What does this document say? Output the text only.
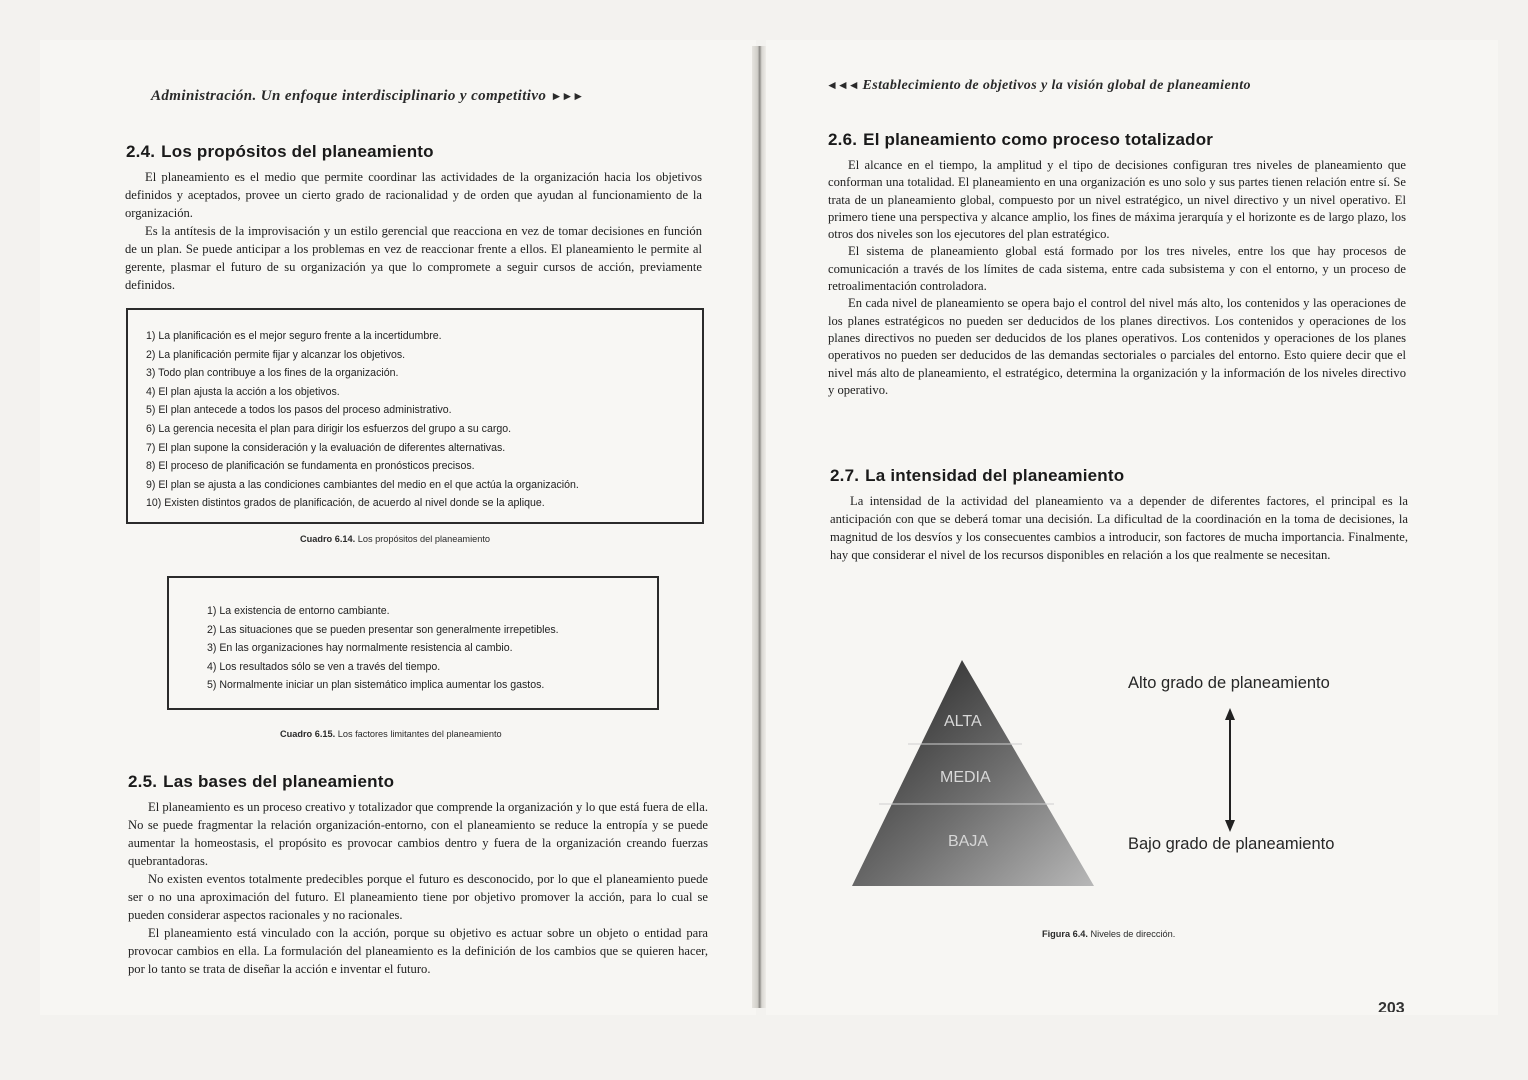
Administración. Un enfoque interdisciplinario y competitivo ►►►
2.4. Los propósitos del planeamiento

El planeamiento es el medio que permite coordinar las actividades de la organización hacia los objetivos definidos y aceptados, provee un cierto grado de racionalidad y de orden que ayudan al funcionamiento de la organización.

Es la antítesis de la improvisación y un estilo gerencial que reacciona en vez de tomar decisiones en función de un plan. Se puede anticipar a los problemas en vez de reaccionar frente a ellos. El planeamiento le permite al gerente, plasmar el futuro de su organización ya que lo compromete a seguir cursos de acción, previamente definidos.

1) La planificación es el mejor seguro frente a la incertidumbre.
2) La planificación permite fijar y alcanzar los objetivos.
3) Todo plan contribuye a los fines de la organización.
4) El plan ajusta la acción a los objetivos.
5) El plan antecede a todos los pasos del proceso administrativo.
6) La gerencia necesita el plan para dirigir los esfuerzos del grupo a su cargo.
7) El plan supone la consideración y la evaluación de diferentes alternativas.
8) El proceso de planificación se fundamenta en pronósticos precisos.
9) El plan se ajusta a las condiciones cambiantes del medio en el que actúa la organización.
10) Existen distintos grados de planificación, de acuerdo al nivel donde se la aplique.
Cuadro 6.14. Los propósitos del planeamiento
1) La existencia de entorno cambiante.
2) Las situaciones que se pueden presentar son generalmente irrepetibles.
3) En las organizaciones hay normalmente resistencia al cambio.
4) Los resultados sólo se ven a través del tiempo.
5) Normalmente iniciar un plan sistemático implica aumentar los gastos.
Cuadro 6.15. Los factores limitantes del planeamiento
2.5. Las bases del planeamiento

El planeamiento es un proceso creativo y totalizador que comprende la organización y lo que está fuera de ella. No se puede fragmentar la relación organización-entorno, con el planeamiento se reduce la entropía y se puede aumentar la homeostasis, el propósito es provocar cambios dentro y fuera de la organización creando fuerzas quebrantadoras.

No existen eventos totalmente predecibles porque el futuro es desconocido, por lo que el planeamiento puede ser o no una aproximación del futuro. El planeamiento tiene por objetivo promover la acción, para lo cual se pueden considerar aspectos racionales y no racionales.

El planeamiento está vinculado con la acción, porque su objetivo es actuar sobre un objeto o entidad para provocar cambios en ella. La formulación del planeamiento es la definición de los cambios que se quieren hacer, por lo tanto se trata de diseñar la acción e inventar el futuro.

◄◄◄ Establecimiento de objetivos y la visión global de planeamiento
2.6. El planeamiento como proceso totalizador

El alcance en el tiempo, la amplitud y el tipo de decisiones configuran tres niveles de planeamiento que conforman una totalidad. El planeamiento en una organización es uno solo y sus partes tienen relación entre sí. Se trata de un planeamiento global, compuesto por un nivel estratégico, un nivel directivo y un nivel operativo. El primero tiene una perspectiva y alcance amplio, los fines de máxima jerarquía y el horizonte es de largo plazo, los otros dos niveles son los ejecutores del plan estratégico.

El sistema de planeamiento global está formado por los tres niveles, entre los que hay procesos de comunicación a través de los límites de cada sistema, entre cada subsistema y con el entorno, y un proceso de retroalimentación controladora.

En cada nivel de planeamiento se opera bajo el control del nivel más alto, los contenidos y las operaciones de los planes estratégicos no pueden ser deducidos de los planes directivos. Los contenidos y operaciones de los planes directivos no pueden ser deducidos de los planes operativos. Los contenidos y operaciones de los planes operativos no pueden ser deducidos de las demandas sectoriales o parciales del entorno. Esto quiere decir que el nivel más alto de planeamiento, el estratégico, determina la organización y la información de los niveles directivo y operativo.

2.7. La intensidad del planeamiento

La intensidad de la actividad del planeamiento va a depender de diferentes factores, el principal es la anticipación con que se deberá tomar una decisión. La dificultad de la coordinación en la toma de decisiones, la magnitud de los desvíos y los consecuentes cambios a introducir, son factores de mucha importancia. Finalmente, hay que considerar el nivel de los recursos disponibles en relación a los que realmente se necesitan.

ALTA
MEDIA
BAJA
Alto grado de planeamiento
Bajo grado de planeamiento
Figura 6.4. Niveles de dirección.
203
